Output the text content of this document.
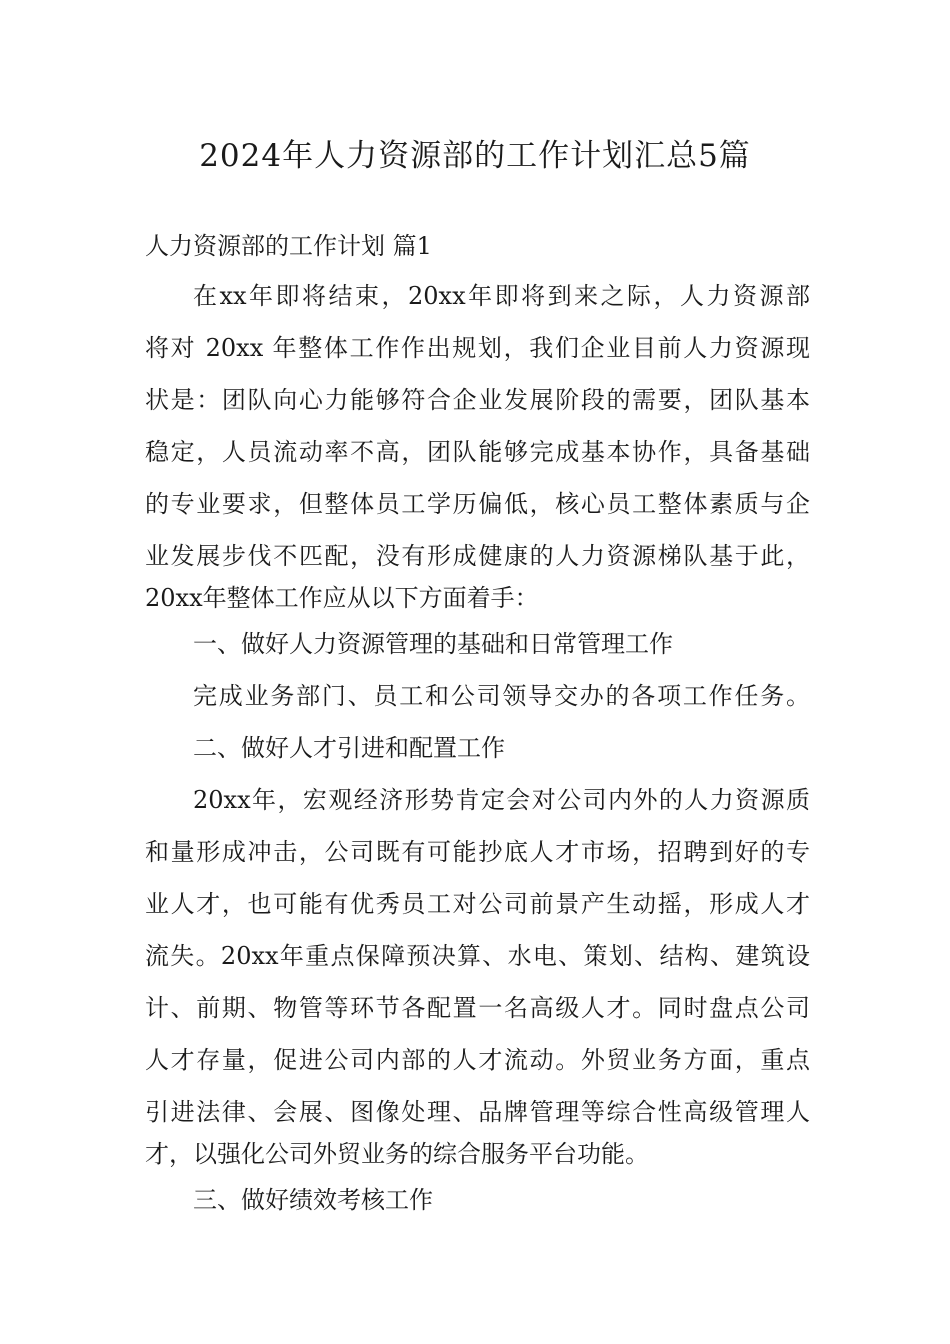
2024年人力资源部的工作计划汇总5篇
人力资源部的工作计划 篇1
在xx年即将结束，20xx年即将到来之际，人力资源部
将对 20xx 年整体工作作出规划，我们企业目前人力资源现
状是：团队向心力能够符合企业发展阶段的需要，团队基本
稳定，人员流动率不高，团队能够完成基本协作，具备基础
的专业要求，但整体员工学历偏低，核心员工整体素质与企
业发展步伐不匹配，没有形成健康的人力资源梯队基于此，
20xx年整体工作应从以下方面着手：
一、做好人力资源管理的基础和日常管理工作
完成业务部门、员工和公司领导交办的各项工作任务。
二、做好人才引进和配置工作
20xx年，宏观经济形势肯定会对公司内外的人力资源质
和量形成冲击，公司既有可能抄底人才市场，招聘到好的专
业人才，也可能有优秀员工对公司前景产生动摇，形成人才
流失。20xx年重点保障预决算、水电、策划、结构、建筑设
计、前期、物管等环节各配置一名高级人才。同时盘点公司
人才存量，促进公司内部的人才流动。外贸业务方面，重点
引进法律、会展、图像处理、品牌管理等综合性高级管理人
才，以强化公司外贸业务的综合服务平台功能。
三、做好绩效考核工作
